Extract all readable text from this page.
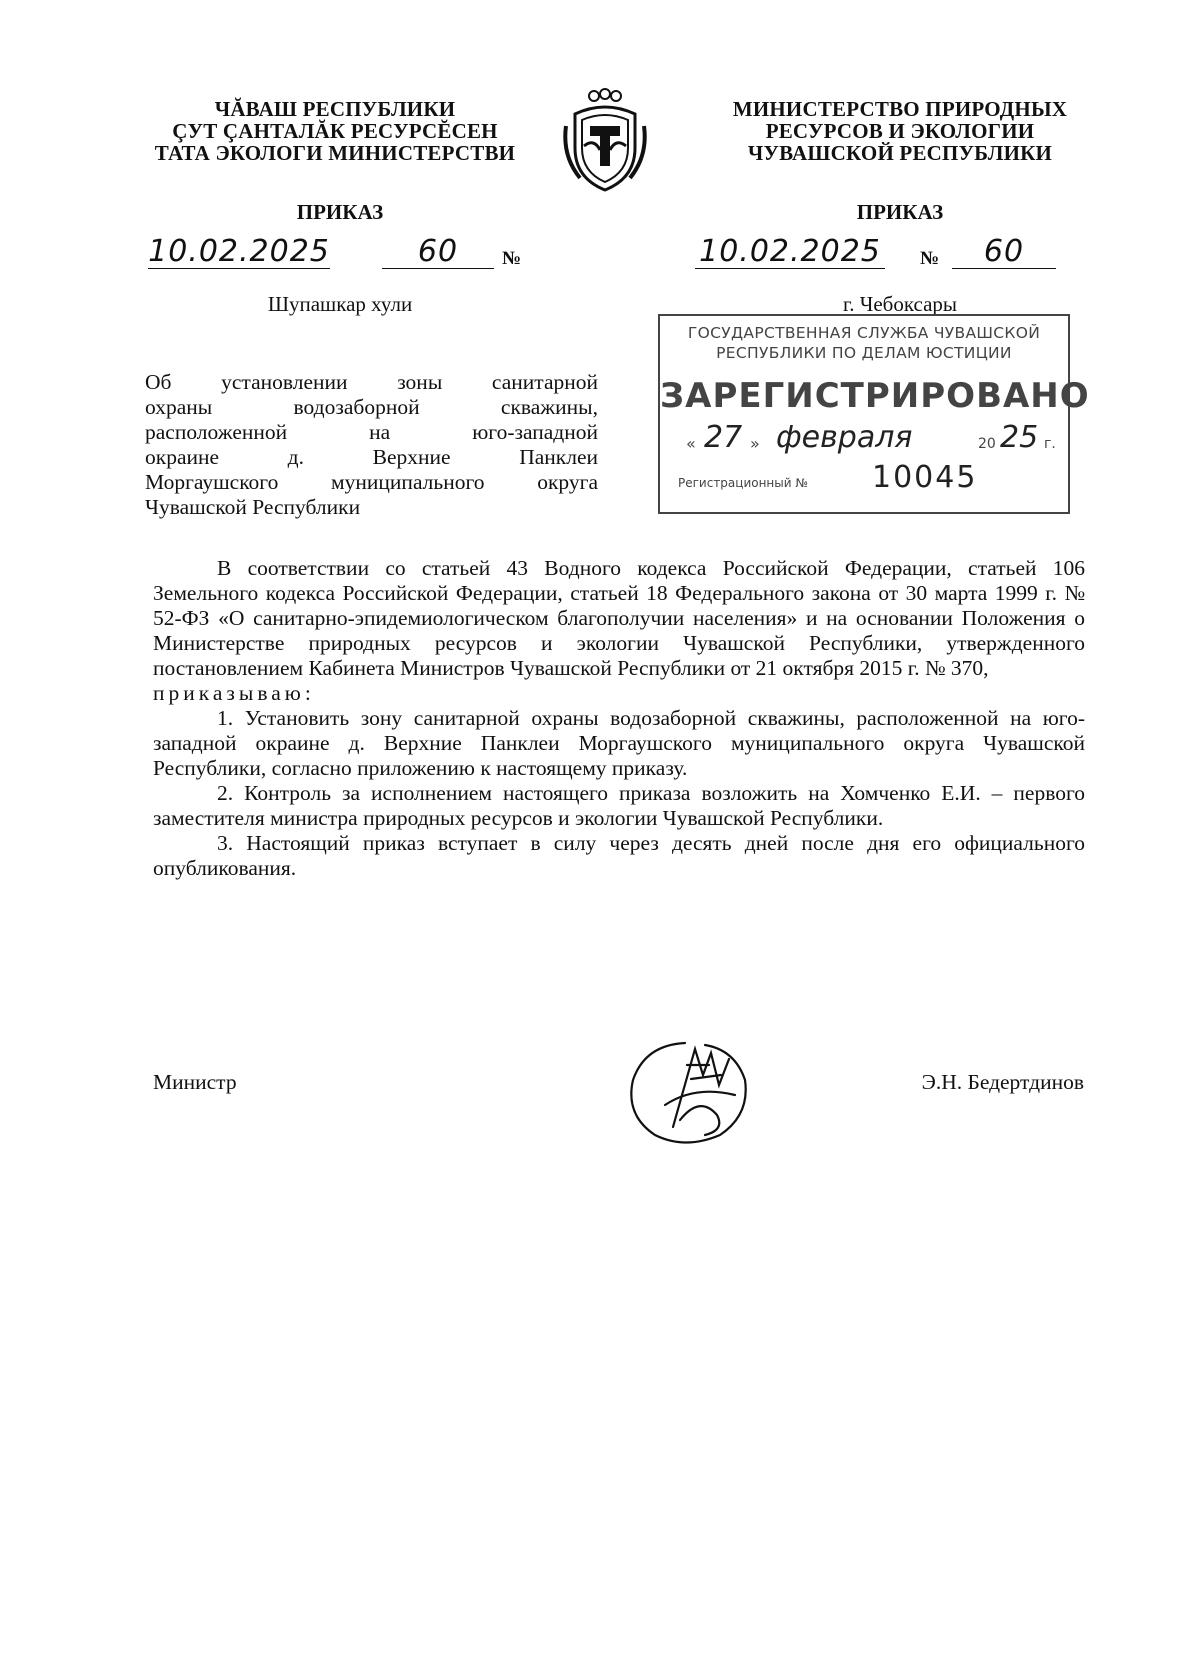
ЧĂВАШ РЕСПУБЛИКИ
ÇУТ ÇАНТАЛĂК РЕСУРСĔСЕН
ТАТА ЭКОЛОГИ МИНИСТЕРСТВИ
МИНИСТЕРСТВО ПРИРОДНЫХ
РЕСУРСОВ И ЭКОЛОГИИ
ЧУВАШСКОЙ РЕСПУБЛИКИ
ПРИКАЗ	ПРИКАЗ
10.02.2025	60	№	10.02.2025 №	60
Шупашкар хули	г. Чебоксары
ГОСУДАРСТВЕННАЯ СЛУЖБА ЧУВАШСКОЙ
РЕСПУБЛИКИ ПО ДЕЛАМ ЮСТИЦИИ
ЗАРЕГИСТРИРОВАНО
« 27 » февраля	20 25 г.
Регистрационный № 10045
Об установлении зоны санитарной
охраны водозаборной скважины,
расположенной на юго-западной
окраине д. Верхние Панклеи
Моргаушского муниципального округа
Чувашской Республики

В соответствии со статьей 43 Водного кодекса Российской Федерации, статьей 106 Земельного кодекса Российской Федерации, статьей 18 Федерального закона от 30 марта 1999 г. № 52-ФЗ «О санитарно-эпидемиологическом благополучии населения» и на основании Положения о Министерстве природных ресурсов и экологии Чувашской Республики, утвержденного постановлением Кабинета Министров Чувашской Республики от 21 октября 2015 г. № 370,

приказываю:

1. Установить зону санитарной охраны водозаборной скважины, расположенной на юго-западной окраине д. Верхние Панклеи Моргаушского муниципального округа Чувашской Республики, согласно приложению к настоящему приказу.

2. Контроль за исполнением настоящего приказа возложить на Хомченко Е.И. – первого заместителя министра природных ресурсов и экологии Чувашской Республики.

3. Настоящий приказ вступает в силу через десять дней после дня его официального опубликования.

Министр	Э.Н. Бедертдинов
